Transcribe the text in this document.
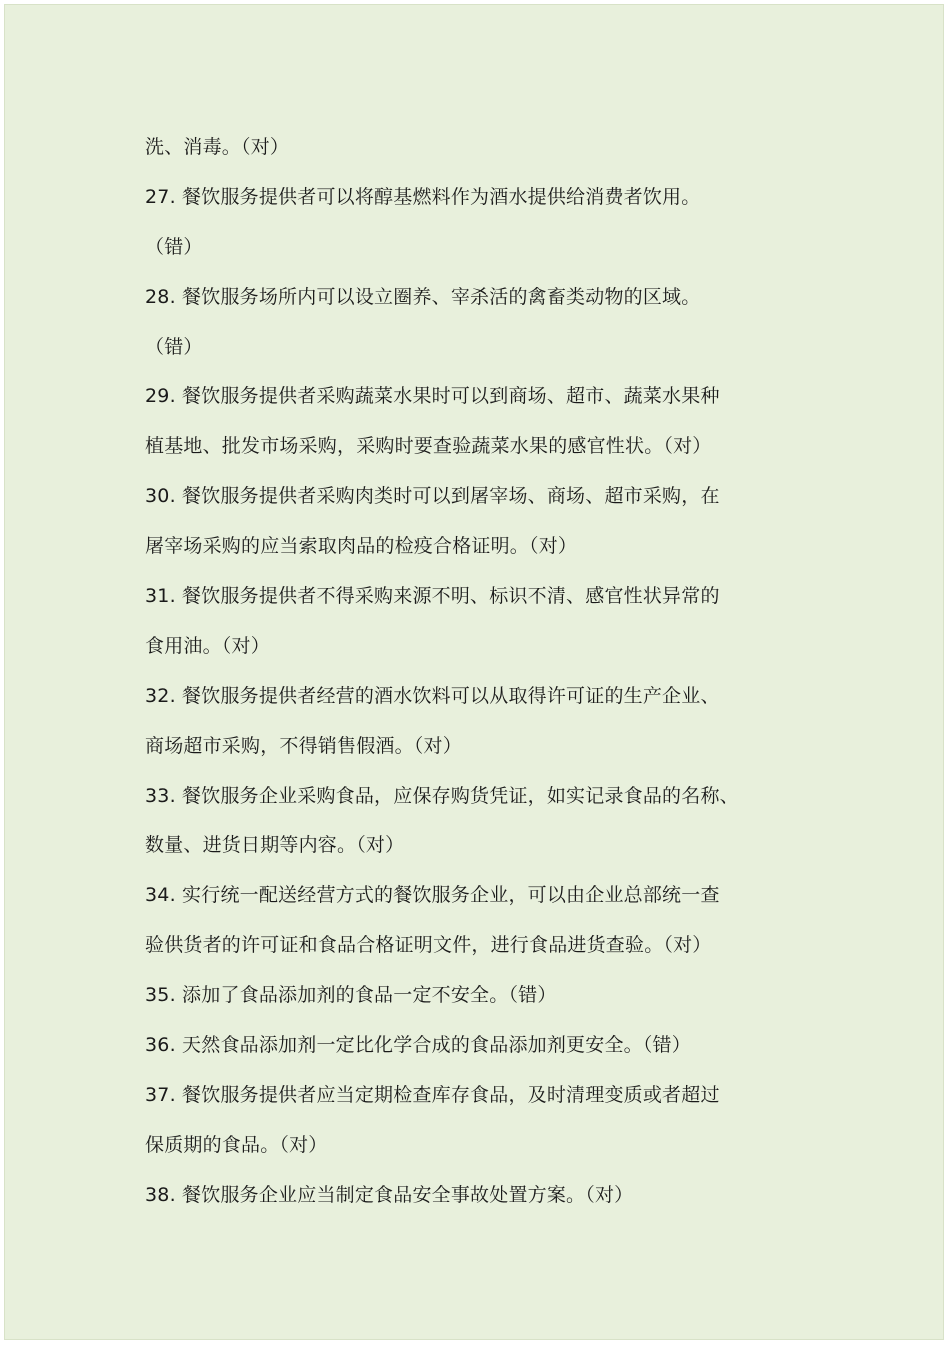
洗、消毒。（对）
27. 餐饮服务提供者可以将醇基燃料作为酒水提供给消费者饮用。
（错）
28. 餐饮服务场所内可以设立圈养、宰杀活的禽畜类动物的区域。
（错）
29. 餐饮服务提供者采购蔬菜水果时可以到商场、超市、蔬菜水果种
植基地、批发市场采购，采购时要查验蔬菜水果的感官性状。（对）
30. 餐饮服务提供者采购肉类时可以到屠宰场、商场、超市采购，在
屠宰场采购的应当索取肉品的检疫合格证明。（对）
31. 餐饮服务提供者不得采购来源不明、标识不清、感官性状异常的
食用油。（对）
32. 餐饮服务提供者经营的酒水饮料可以从取得许可证的生产企业、
商场超市采购，不得销售假酒。（对）
33. 餐饮服务企业采购食品，应保存购货凭证，如实记录食品的名称、
数量、进货日期等内容。（对）
34. 实行统一配送经营方式的餐饮服务企业，可以由企业总部统一查
验供货者的许可证和食品合格证明文件，进行食品进货查验。（对）
35. 添加了食品添加剂的食品一定不安全。（错）
36. 天然食品添加剂一定比化学合成的食品添加剂更安全。（错）
37. 餐饮服务提供者应当定期检查库存食品，及时清理变质或者超过
保质期的食品。（对）
38. 餐饮服务企业应当制定食品安全事故处置方案。（对）
